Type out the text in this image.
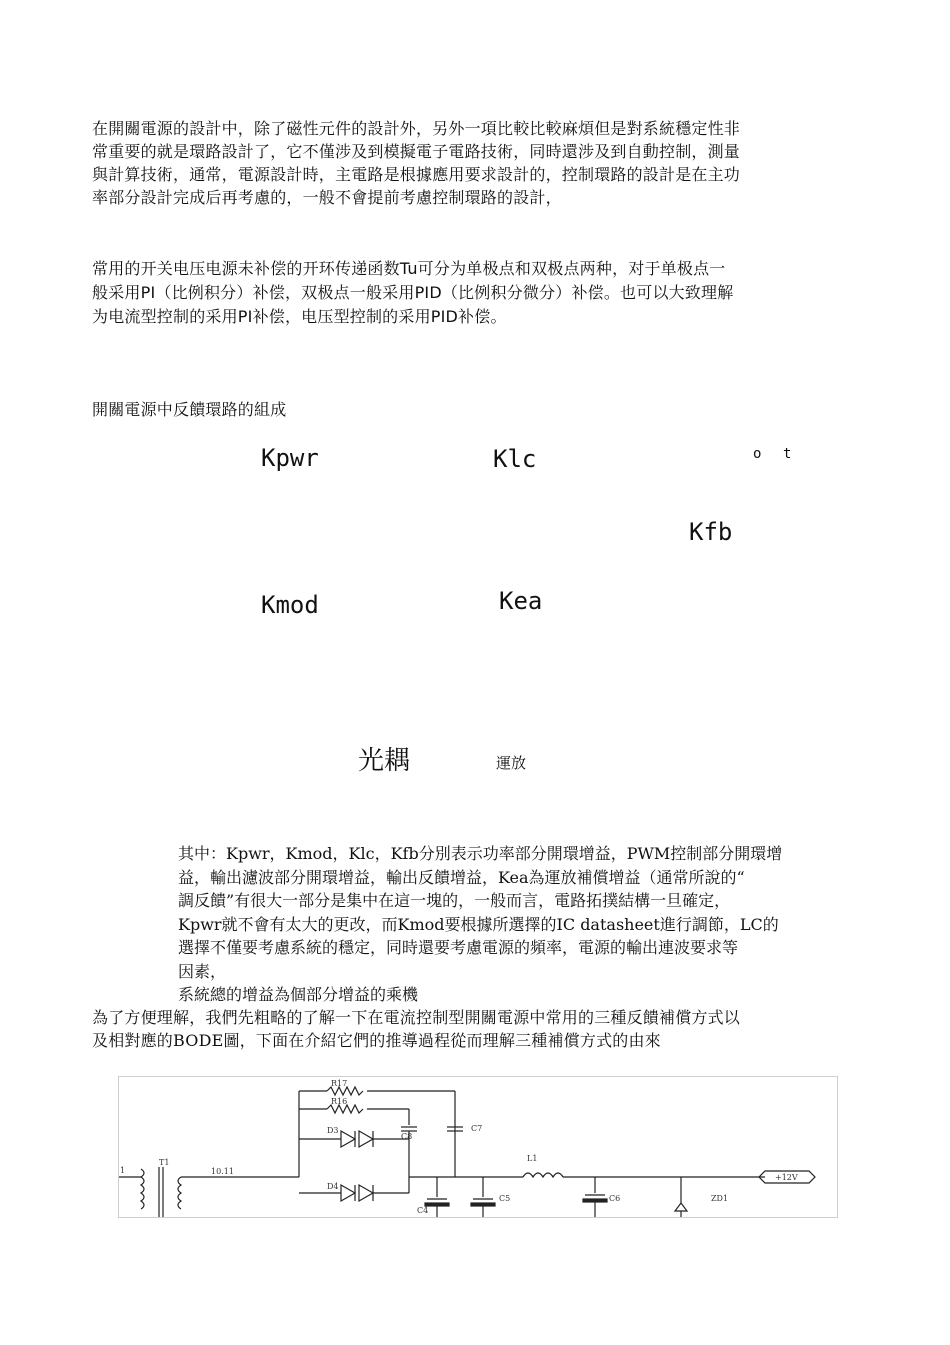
在開關電源的設計中，除了磁性元件的設計外，另外一項比較比較麻煩但是對系統穩定性非

常重要的就是環路設計了，它不僅涉及到模擬電子電路技術，同時還涉及到自動控制，測量

與計算技術，通常，電源設計時，主電路是根據應用要求設計的，控制環路的設計是在主功

率部分設計完成后再考慮的，一般不會提前考慮控制環路的設計，

常用的开关电压电源未补偿的开环传递函数Tu可分为单极点和双极点两种，对于单极点一

般采用PI（比例积分）补偿，双极点一般采用PID（比例积分微分）补偿。也可以大致理解

为电流型控制的采用PI补偿，电压型控制的采用PID补偿。

開關電源中反饋環路的組成
Kpwr	Klc	o t
Kfb
Kmod	Kea
光耦	運放

其中：Kpwr，Kmod，Klc，Kfb分別表示功率部分開環增益，PWM控制部分開環增

益，輸出濾波部分開環增益，輸出反饋增益，Kea為運放補償增益（通常所說的“

調反饋”有很大一部分是集中在這一塊的，一般而言，電路拓撲結構一旦確定，

Kpwr就不會有太大的更改，而Kmod要根據所選擇的IC datasheet進行調節，LC的

選擇不僅要考慮系統的穩定，同時還要考慮電源的頻率，電源的輸出連波要求等

因素，

系統總的增益為個部分增益的乘機

為了方便理解，我們先粗略的了解一下在電流控制型開關電源中常用的三種反饋補償方式以

及相對應的BODE圖，下面在介紹它們的推導過程從而理解三種補償方式的由來

R17
R16
D3
D4
C8
C7
T1
10.11
L1
C4
C5	C6	ZD1
+12V
1
